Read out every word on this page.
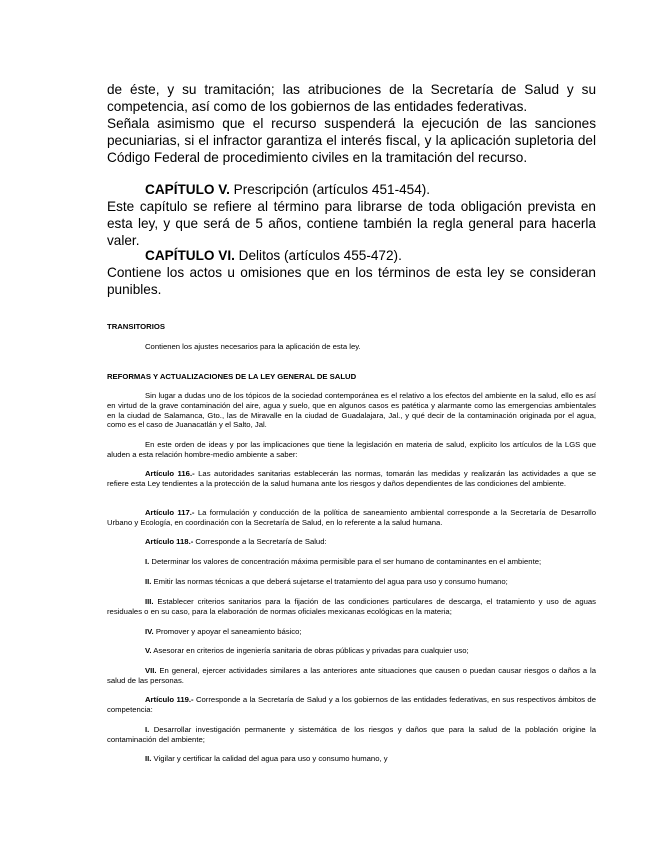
de éste, y su tramitación; las atribuciones de la Secretaría de Salud y su competencia, así como de los gobiernos de las entidades federativas.

Señala asimismo que el recurso suspenderá la ejecución de las sanciones pecuniarias, si el infractor garantiza el interés fiscal, y la aplicación supletoria del Código Federal de procedimiento civiles en la tramitación del recurso.

CAPÍTULO V. Prescripción (artículos 451-454).

Este capítulo se refiere al término para librarse de toda obligación prevista en esta ley, y que será de 5 años, contiene también la regla general para hacerla valer.

CAPÍTULO VI. Delitos (artículos 455-472).

Contiene los actos u omisiones que en los términos de esta ley se consideran punibles.

TRANSITORIOS

Contienen los ajustes necesarios para la aplicación de esta ley.

REFORMAS Y ACTUALIZACIONES DE LA LEY GENERAL DE SALUD

Sin lugar a dudas uno de los tópicos de la sociedad contemporánea es el relativo a los efectos del ambiente en la salud, ello es así en virtud de la grave contaminación del aire, agua y suelo, que en algunos casos es patética y alarmante como las emergencias ambientales en la ciudad de Salamanca, Gto., las de Miravalle en la ciudad de Guadalajara, Jal., y qué decir de la contaminación originada por el agua, como es el caso de Juanacatlán y el Salto, Jal.

En este orden de ideas y por las implicaciones que tiene la legislación en materia de salud, explicito los artículos de la LGS que aluden a esta relación hombre-medio ambiente a saber:

Artículo 116.- Las autoridades sanitarias establecerán las normas, tomarán las medidas y realizarán las actividades a que se refiere esta Ley tendientes a la protección de la salud humana ante los riesgos y daños dependientes de las condiciones del ambiente.

Artículo 117.- La formulación y conducción de la política de saneamiento ambiental corresponde a la Secretaría de Desarrollo Urbano y Ecología, en coordinación con la Secretaría de Salud, en lo referente a la salud humana.

Artículo 118.- Corresponde a la Secretaría de Salud:

I. Determinar los valores de concentración máxima permisible para el ser humano de contaminantes en el ambiente;

II. Emitir las normas técnicas a que deberá sujetarse el tratamiento del agua para uso y consumo humano;

III. Establecer criterios sanitarios para la fijación de las condiciones particulares de descarga, el tratamiento y uso de aguas residuales o en su caso, para la elaboración de normas oficiales mexicanas ecológicas en la materia;

IV. Promover y apoyar el saneamiento básico;

V. Asesorar en criterios de ingeniería sanitaria de obras públicas y privadas para cualquier uso;

VII. En general, ejercer actividades similares a las anteriores ante situaciones que causen o puedan causar riesgos o daños a la salud de las personas.

Artículo 119.- Corresponde a la Secretaría de Salud y a los gobiernos de las entidades federativas, en sus respectivos ámbitos de competencia:

I. Desarrollar investigación permanente y sistemática de los riesgos y daños que para la salud de la población origine la contaminación del ambiente;

II. Vigilar y certificar la calidad del agua para uso y consumo humano, y
